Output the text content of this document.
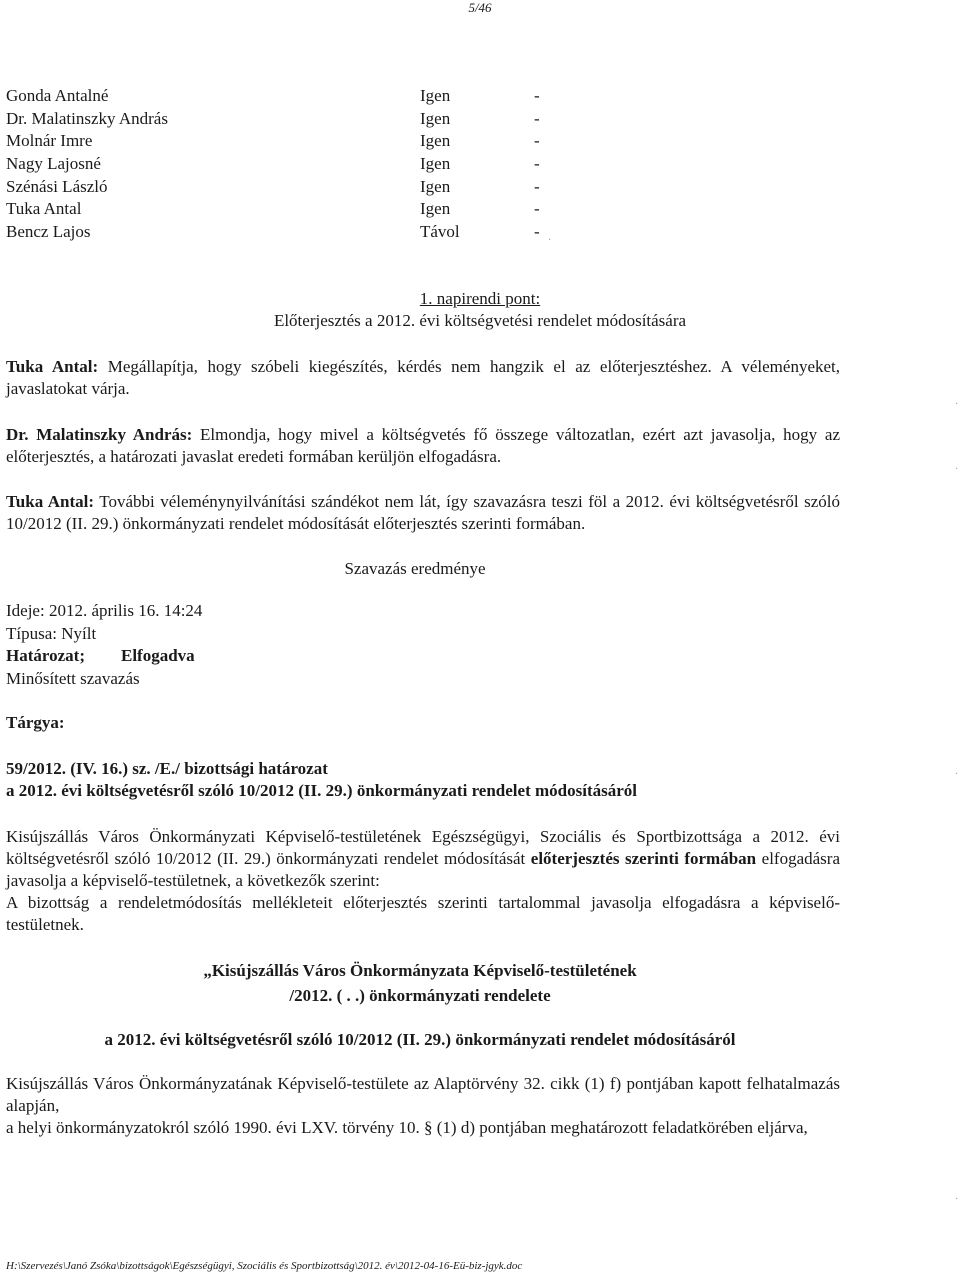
5/46
Gonda Antalné	Igen	-
Dr. Malatinszky András	Igen	-
Molnár Imre	Igen	-
Nagy Lajosné	Igen	-
Szénási László	Igen	-
Tuka Antal	Igen	-
Bencz Lajos	Távol	-
1. napirendi pont:
Előterjesztés a 2012. évi költségvetési rendelet módosítására

Tuka Antal: Megállapítja, hogy szóbeli kiegészítés, kérdés nem hangzik el az előterjesztéshez. A véleményeket, javaslatokat várja.

Dr. Malatinszky András: Elmondja, hogy mivel a költségvetés fő összege változatlan, ezért azt javasolja, hogy az előterjesztés, a határozati javaslat eredeti formában kerüljön elfogadásra.

Tuka Antal: További véleménynyilvánítási szándékot nem lát, így szavazásra teszi föl a 2012. évi költségvetésről szóló 10/2012 (II. 29.) önkormányzati rendelet módosítását előterjesztés szerinti formában.

Szavazás eredménye
Ideje: 2012. április 16. 14:24
Típusa: Nyílt
Határozat; Elfogadva
Minősített szavazás
Tárgya:

59/2012. (IV. 16.) sz. /E./ bizottsági határozat

a 2012. évi költségvetésről szóló 10/2012 (II. 29.) önkormányzati rendelet módosításáról

Kisújszállás Város Önkormányzati Képviselő-testületének Egészségügyi, Szociális és Sportbizottsága a 2012. évi költségvetésről szóló 10/2012 (II. 29.) önkormányzati rendelet módosítását előterjesztés szerinti formában elfogadásra javasolja a képviselő-testületnek, a következők szerint:

A bizottság a rendeletmódosítás mellékleteit előterjesztés szerinti tartalommal javasolja elfogadásra a képviselő-testületnek.

„Kisújszállás Város Önkormányzata Képviselő-testületének
/2012. ( . .) önkormányzati rendelete
a 2012. évi költségvetésről szóló 10/2012 (II. 29.) önkormányzati rendelet módosításáról

Kisújszállás Város Önkormányzatának Képviselő-testülete az Alaptörvény 32. cikk (1) f) pontjában kapott felhatalmazás alapján,

a helyi önkormányzatokról szóló 1990. évi LXV. törvény 10. § (1) d) pontjában meghatározott feladatkörében eljárva,

H:\Szervezés\Janó Zsóka\bizottságok\Egészségügyi, Szociális és Sportbizottság\2012. év\2012-04-16-Eü-biz-jgyk.doc
·
·
·
·
·
